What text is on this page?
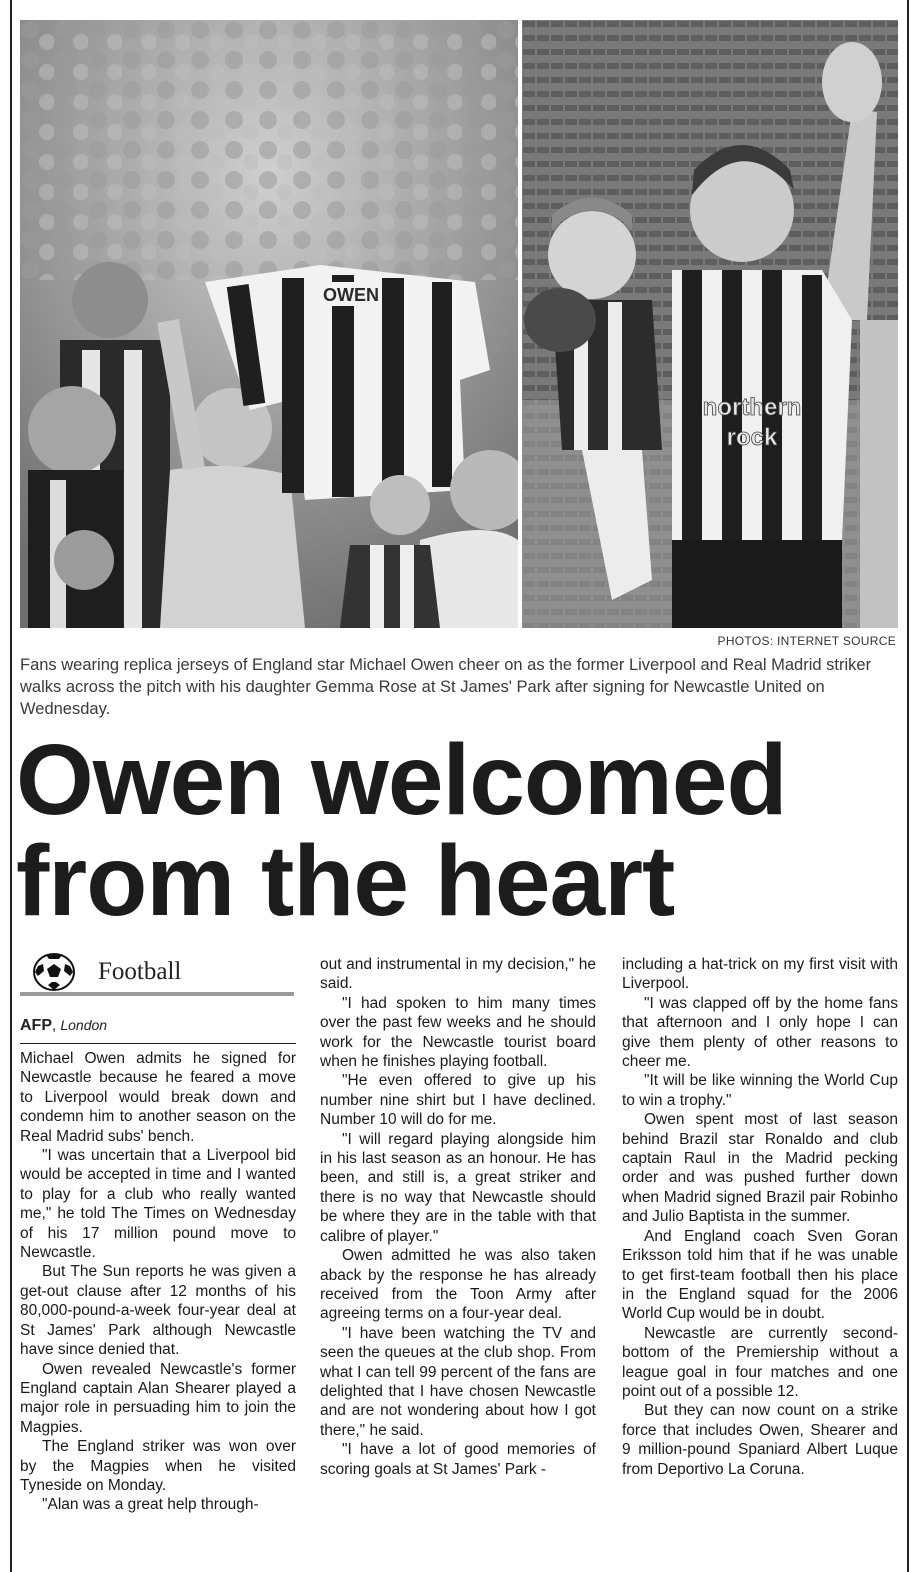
OWEN
northern
rock
PHOTOS: INTERNET SOURCE
Fans wearing replica jerseys of England star Michael Owen cheer on as the former Liverpool and Real Madrid striker walks across the pitch with his daughter Gemma Rose at St James' Park after signing for Newcastle United on Wednesday.
Owen welcomed
from the heart
Football
AFP, London

Michael Owen admits he signed for Newcastle because he feared a move to Liverpool would break down and condemn him to another season on the Real Madrid subs' bench.

"I was uncertain that a Liverpool bid would be accepted in time and I wanted to play for a club who really wanted me," he told The Times on Wednesday of his 17 million pound move to Newcastle.

But The Sun reports he was given a get-out clause after 12 months of his 80,000-pound-a-week four-year deal at St James' Park although Newcastle have since denied that.

Owen revealed Newcastle's former England captain Alan Shearer played a major role in persuading him to join the Magpies.

The England striker was won over by the Magpies when he visited Tyneside on Monday.

"Alan was a great help through-

out and instrumental in my decision," he said.

"I had spoken to him many times over the past few weeks and he should work for the Newcastle tourist board when he finishes playing football.

"He even offered to give up his number nine shirt but I have declined. Number 10 will do for me.

"I will regard playing alongside him in his last season as an honour. He has been, and still is, a great striker and there is no way that Newcastle should be where they are in the table with that calibre of player."

Owen admitted he was also taken aback by the response he has already received from the Toon Army after agreeing terms on a four-year deal.

"I have been watching the TV and seen the queues at the club shop. From what I can tell 99 percent of the fans are delighted that I have chosen Newcastle and are not wondering about how I got there," he said.

"I have a lot of good memories of scoring goals at St James' Park -

including a hat-trick on my first visit with Liverpool.

"I was clapped off by the home fans that afternoon and I only hope I can give them plenty of other reasons to cheer me.

"It will be like winning the World Cup to win a trophy."

Owen spent most of last season behind Brazil star Ronaldo and club captain Raul in the Madrid pecking order and was pushed further down when Madrid signed Brazil pair Robinho and Julio Baptista in the summer.

And England coach Sven Goran Eriksson told him that if he was unable to get first-team football then his place in the England squad for the 2006 World Cup would be in doubt.

Newcastle are currently second-bottom of the Premiership without a league goal in four matches and one point out of a possible 12.

But they can now count on a strike force that includes Owen, Shearer and 9 million-pound Spaniard Albert Luque from Deportivo La Coruna.
